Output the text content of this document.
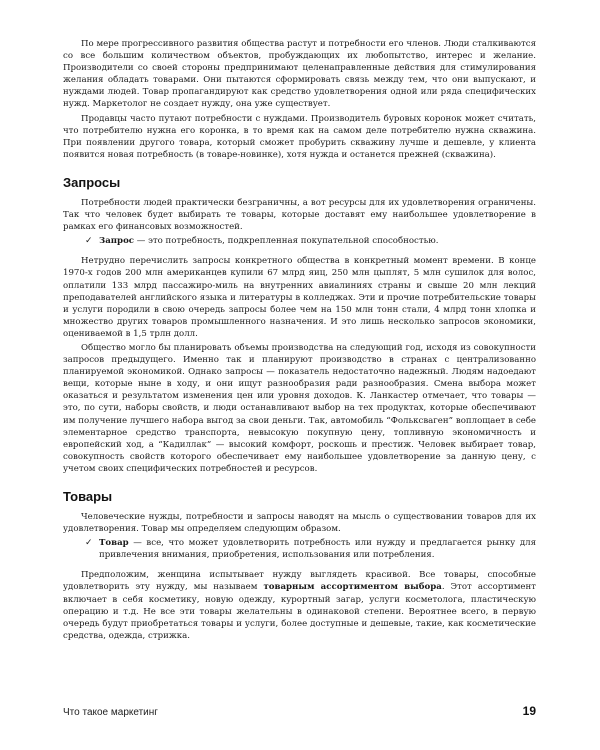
По мере прогрессивного развития общества растут и потребности его членов. Люди сталкиваются со все большим количеством объектов, пробуждающих их любопытство, интерес и желание. Производители со своей стороны предпринимают целенаправленные действия для стимулирования желания обладать товарами. Они пытаются сформировать связь между тем, что они выпускают, и нуждами людей. Товар пропагандируют как средство удовлетворения одной или ряда специфических нужд. Маркетолог не создает нужду, она уже существует.

Продавцы часто путают потребности с нуждами. Производитель буровых коронок может считать, что потребителю нужна его коронка, в то время как на самом деле потребителю нужна скважина. При появлении другого товара, который сможет пробурить скважину лучше и дешевле, у клиента появится новая потребность (в товаре-новинке), хотя нужда и останется прежней (скважина).

Запросы

Потребности людей практически безграничны, а вот ресурсы для их удовлетворения ограничены. Так что человек будет выбирать те товары, которые доставят ему наибольшее удовлетворение в рамках его финансовых возможностей.

✓ Запрос — это потребность, подкрепленная покупательной способностью.

Нетрудно перечислить запросы конкретного общества в конкретный момент времени. В конце 1970-х годов 200 млн американцев купили 67 млрд яиц, 250 млн цыплят, 5 млн сушилок для волос, оплатили 133 млрд пассажиро-миль на внутренних авиалиниях страны и свыше 20 млн лекций преподавателей английского языка и литературы в колледжах. Эти и прочие потребительские товары и услуги породили в свою очередь запросы более чем на 150 млн тонн стали, 4 млрд тонн хлопка и множество других товаров промышленного назначения. И это лишь несколько запросов экономики, оцениваемой в 1,5 трлн долл.

Общество могло бы планировать объемы производства на следующий год, исходя из совокупности запросов предыдущего. Именно так и планируют производство в странах с централизованно планируемой экономикой. Однако запросы — показатель недостаточно надежный. Людям надоедают вещи, которые ныне в ходу, и они ищут разнообразия ради разнообразия. Смена выбора может оказаться и результатом изменения цен или уровня доходов. К. Ланкастер отмечает, что товары — это, по сути, наборы свойств, и люди останавливают выбор на тех продуктах, которые обеспечивают им получение лучшего набора выгод за свои деньги. Так, автомобиль “Фольксваген” воплощает в себе элементарное средство транспорта, невысокую покупную цену, топливную экономичность и европейский ход, а “Кадиллак” — высокий комфорт, роскошь и престиж. Человек выбирает товар, совокупность свойств которого обеспечивает ему наибольшее удовлетворение за данную цену, с учетом своих специфических потребностей и ресурсов.

Товары

Человеческие нужды, потребности и запросы наводят на мысль о существовании товаров для их удовлетворения. Товар мы определяем следующим образом.

✓ Товар — все, что может удовлетворить потребность или нужду и предлагается рынку для привлечения внимания, приобретения, использования или потребления.

Предположим, женщина испытывает нужду выглядеть красивой. Все товары, способные удовлетворить эту нужду, мы называем товарным ассортиментом выбора. Этот ассортимент включает в себя косметику, новую одежду, курортный загар, услуги косметолога, пластическую операцию и т.д. Не все эти товары желательны в одинаковой степени. Вероятнее всего, в первую очередь будут приобретаться товары и услуги, более доступные и дешевые, такие, как косметические средства, одежда, стрижка.

Что такое маркетинг	19
